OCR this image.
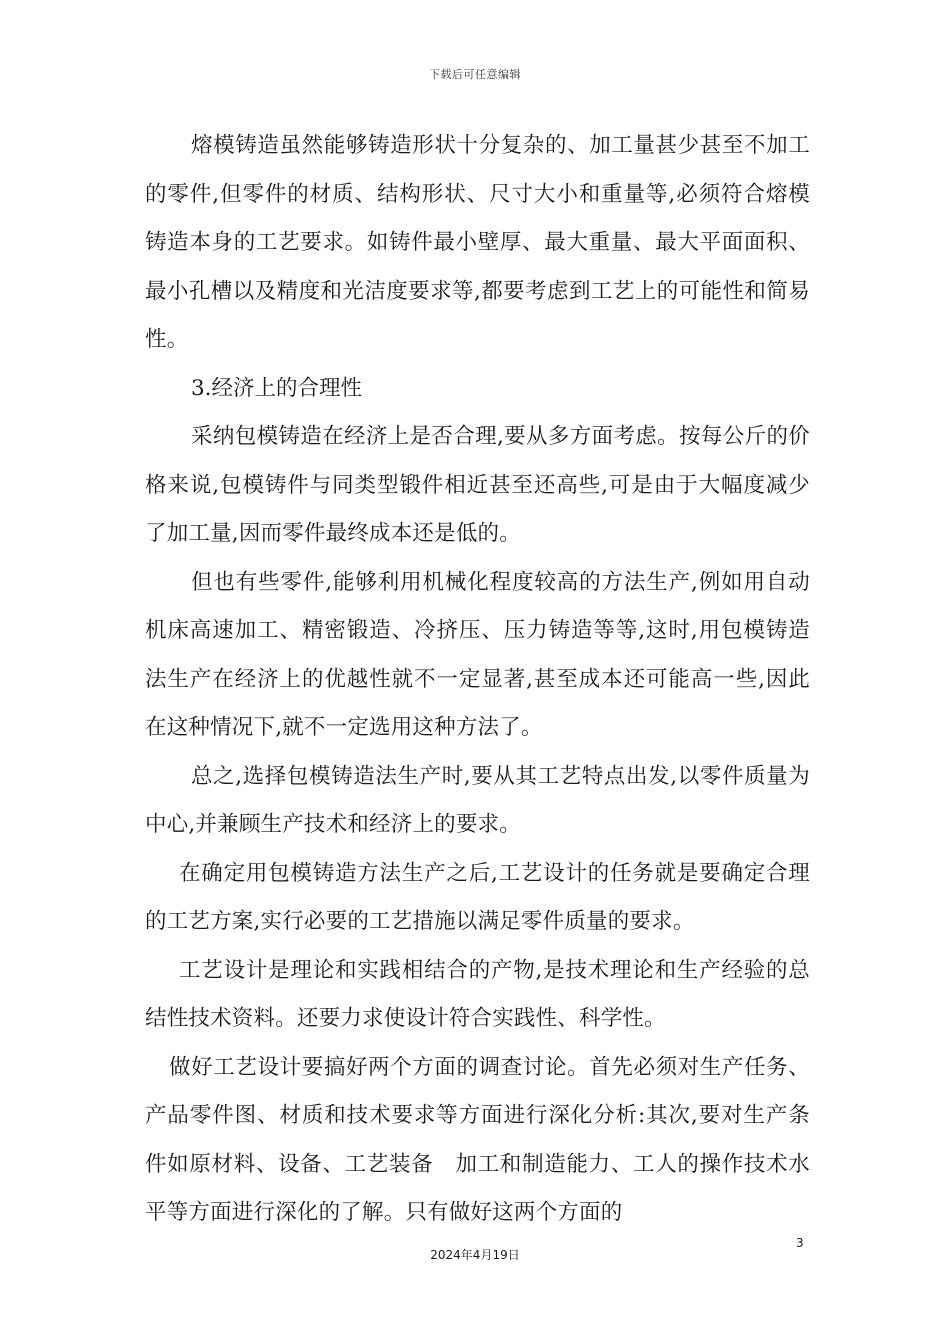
下载后可任意编辑

熔模铸造虽然能够铸造形状十分复杂的、加工量甚少甚至不加工的零件,但零件的材质、结构形状、尺寸大小和重量等,必须符合熔模铸造本身的工艺要求。如铸件最小壁厚、最大重量、最大平面面积、最小孔槽以及精度和光洁度要求等,都要考虑到工艺上的可能性和简易性。

3.经济上的合理性

采纳包模铸造在经济上是否合理,要从多方面考虑。按每公斤的价格来说,包模铸件与同类型锻件相近甚至还高些,可是由于大幅度减少了加工量,因而零件最终成本还是低的。

但也有些零件,能够利用机械化程度较高的方法生产,例如用自动机床高速加工、精密锻造、冷挤压、压力铸造等等,这时,用包模铸造法生产在经济上的优越性就不一定显著,甚至成本还可能高一些,因此在这种情况下,就不一定选用这种方法了。

总之,选择包模铸造法生产时,要从其工艺特点出发,以零件质量为中心,并兼顾生产技术和经济上的要求。

在确定用包模铸造方法生产之后,工艺设计的任务就是要确定合理的工艺方案,实行必要的工艺措施以满足零件质量的要求。

工艺设计是理论和实践相结合的产物,是技术理论和生产经验的总结性技术资料。还要力求使设计符合实践性、科学性。

做好工艺设计要搞好两个方面的调查讨论。首先必须对生产任务、产品零件图、材质和技术要求等方面进行深化分析:其次,要对生产条件如原材料、设备、工艺装备　加工和制造能力、工人的操作技术水平等方面进行深化的了解。只有做好这两个方面的

3
2024年4月19日
